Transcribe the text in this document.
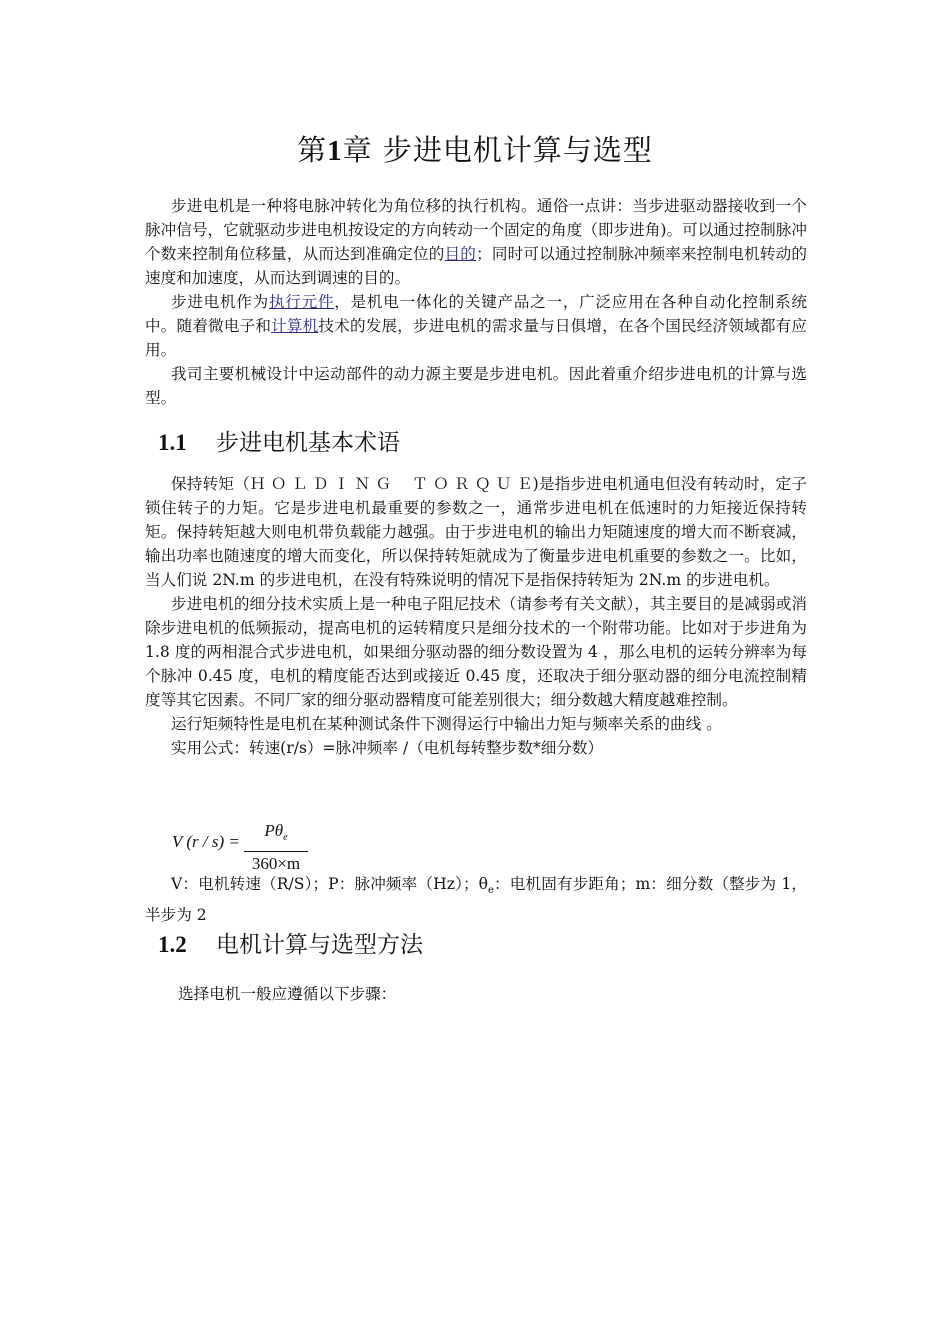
第1章 步进电机计算与选型

步进电机是一种将电脉冲转化为角位移的执行机构。通俗一点讲：当步进驱动器接收到一个脉冲信号，它就驱动步进电机按设定的方向转动一个固定的角度（即步进角)。可以通过控制脉冲个数来控制角位移量，从而达到准确定位的目的；同时可以通过控制脉冲频率来控制电机转动的速度和加速度，从而达到调速的目的。

步进电机作为执行元件，是机电一体化的关键产品之一，广泛应用在各种自动化控制系统中。随着微电子和计算机技术的发展，步进电机的需求量与日俱增，在各个国民经济领域都有应用。

我司主要机械设计中运动部件的动力源主要是步进电机。因此着重介绍步进电机的计算与选型。

1.1 步进电机基本术语

保持转矩（Ｈ Ｏ Ｌ Ｄ Ｉ Ｎ Ｇ　 Ｔ Ｏ Ｒ Ｑ Ｕ Ｅ)是指步进电机通电但没有转动时，定子锁住转子的力矩。它是步进电机最重要的参数之一，通常步进电机在低速时的力矩接近保持转矩。保持转矩越大则电机带负载能力越强。由于步进电机的输出力矩随速度的增大而不断衰减，输出功率也随速度的增大而变化，所以保持转矩就成为了衡量步进电机重要的参数之一。比如，当人们说 2N.m 的步进电机，在没有特殊说明的情况下是指保持转矩为 2N.m 的步进电机。

步进电机的细分技术实质上是一种电子阻尼技术（请参考有关文献），其主要目的是减弱或消除步进电机的低频振动，提高电机的运转精度只是细分技术的一个附带功能。比如对于步进角为 1.8 度的两相混合式步进电机，如果细分驱动器的细分数设置为 4 ，那么电机的运转分辨率为每个脉冲 0.45 度，电机的精度能否达到或接近 0.45 度，还取决于细分驱动器的细分电流控制精度等其它因素。不同厂家的细分驱动器精度可能差别很大；细分数越大精度越难控制。

运行矩频特性是电机在某种测试条件下测得运行中输出力矩与频率关系的曲线 。

实用公式：转速(r/s）=脉冲频率 /（电机每转整步数*细分数）

V (r / s) =
$P\theta_e$
360×m

V：电机转速（R/S）；P：脉冲频率（Hz）；$\theta_e$：电机固有步距角；m：细分数（整步为 1，半步为 2

1.2 电机计算与选型方法

选择电机一般应遵循以下步骤：
